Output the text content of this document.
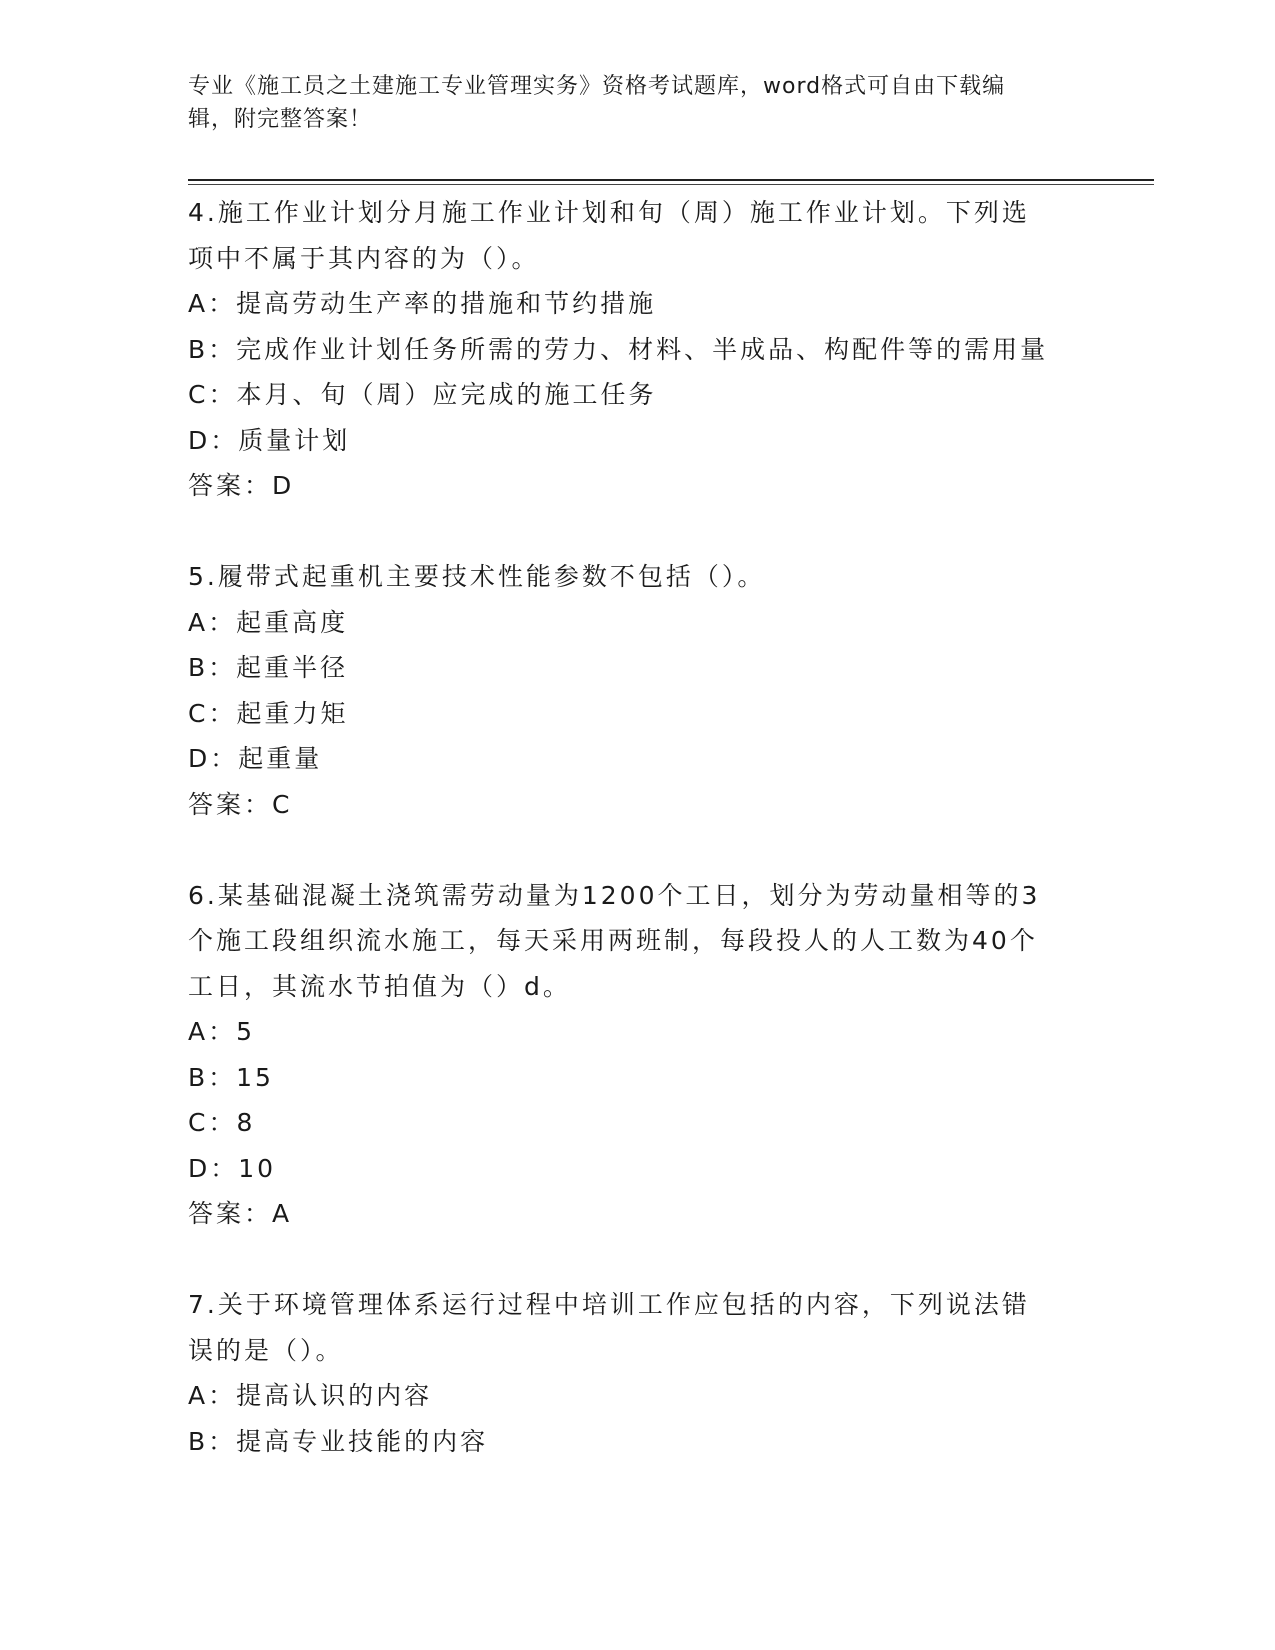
专业《施工员之土建施工专业管理实务》资格考试题库，word格式可自由下载编
辑，附完整答案！
4.施工作业计划分月施工作业计划和旬（周）施工作业计划。下列选
项中不属于其内容的为（）。
A：提高劳动生产率的措施和节约措施
B：完成作业计划任务所需的劳力、材料、半成品、构配件等的需用量
C：本月、旬（周）应完成的施工任务
D：质量计划
答案：D
5.履带式起重机主要技术性能参数不包括（）。
A：起重高度
B：起重半径
C：起重力矩
D：起重量
答案：C
6.某基础混凝土浇筑需劳动量为1200个工日，划分为劳动量相等的3
个施工段组织流水施工，每天采用两班制，每段投人的人工数为40个
工日，其流水节拍值为（）d。
A：5
B：15
C：8
D：10
答案：A
7.关于环境管理体系运行过程中培训工作应包括的内容，下列说法错
误的是（）。
A：提高认识的内容
B：提高专业技能的内容
